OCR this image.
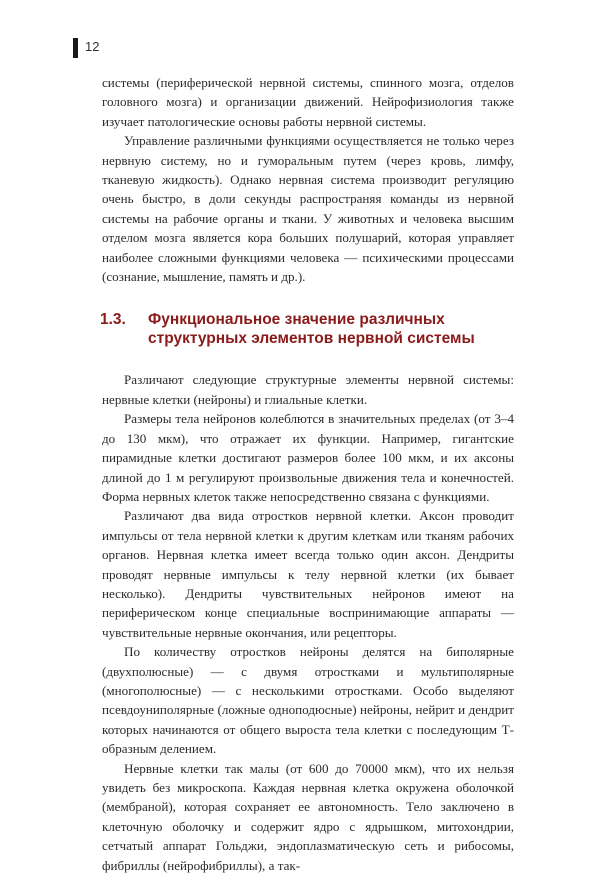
12

системы (периферической нервной системы, спинного мозга, отделов головного мозга) и организации движений. Нейрофизиология также изучает патологические основы работы нервной системы.

Управление различными функциями осуществляется не только через нервную систему, но и гуморальным путем (через кровь, лимфу, тканевую жидкость). Однако нервная система производит регуляцию очень быстро, в доли секунды распространяя команды из нервной системы на рабочие органы и ткани. У животных и человека высшим отделом мозга является кора больших полушарий, которая управляет наиболее сложными функциями человека — психическими процессами (сознание, мышление, память и др.).

1.3.	Функциональное значение различных
структурных элементов нервной системы

Различают следующие структурные элементы нервной системы: нервные клетки (нейроны) и глиальные клетки.

Размеры тела нейронов колеблются в значительных пределах (от 3–4 до 130 мкм), что отражает их функции. Например, гигантские пирамидные клетки достигают размеров более 100 мкм, и их аксоны длиной до 1 м регулируют произвольные движения тела и конечностей. Форма нервных клеток также непосредственно связана с функциями.

Различают два вида отростков нервной клетки. Аксон проводит импульсы от тела нервной клетки к другим клеткам или тканям рабочих органов. Нервная клетка имеет всегда только один аксон. Дендриты проводят нервные импульсы к телу нервной клетки (их бывает несколько). Дендриты чувствительных нейронов имеют на периферическом конце специальные воспринимающие аппараты — чувствительные нервные окончания, или рецепторы.

По количеству отростков нейроны делятся на биполярные (двухполюсные) — с двумя отростками и мультиполярные (многополюсные) — с несколькими отростками. Особо выделяют псевдоуниполярные (ложные одноподюсные) нейроны, нейрит и дендрит которых начинаются от общего выроста тела клетки с последующим Т-образным делением.

Нервные клетки так малы (от 600 до 70000 мкм), что их нельзя увидеть без микроскопа. Каждая нервная клетка окружена оболочкой (мембраной), которая сохраняет ее автономность. Тело заключено в клеточную оболочку и содержит ядро с ядрышком, митохондрии, сетчатый аппарат Гольджи, эндоплазматическую сеть и рибосомы, фибриллы (нейрофибриллы), а так-
